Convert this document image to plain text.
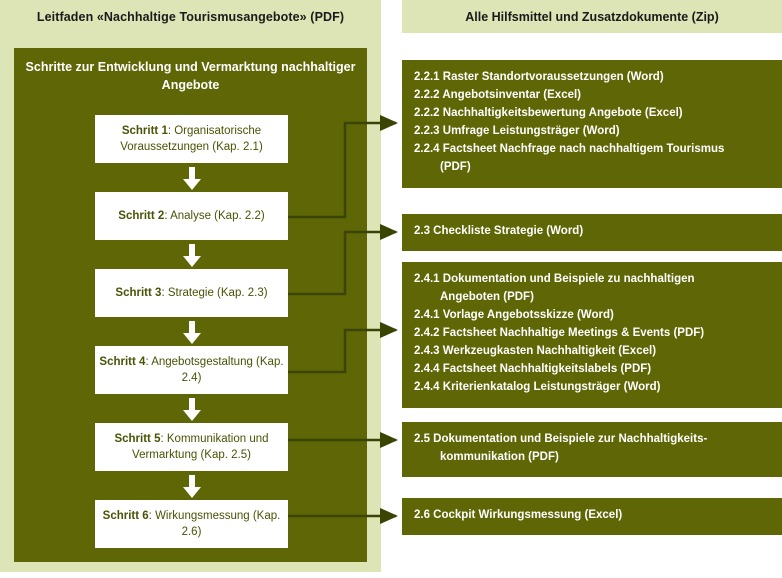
Leitfaden «Nachhaltige Tourismusangebote» (PDF)
Schritte zur Entwicklung und Vermarktung nachhaltiger Angebote
Schritt 1: Organisatorische Voraussetzungen (Kap. 2.1)
Schritt 2: Analyse (Kap. 2.2)
Schritt 3: Strategie (Kap. 2.3)
Schritt 4: Angebotsgestaltung (Kap. 2.4)
Schritt 5: Kommunikation und Vermarktung (Kap. 2.5)
Schritt 6: Wirkungsmessung (Kap. 2.6)
Alle Hilfsmittel und Zusatzdokumente (Zip)
2.2.1 Raster Standortvoraussetzungen (Word)
2.2.2 Angebotsinventar (Excel)
2.2.2 Nachhaltigkeitsbewertung Angebote (Excel)
2.2.3 Umfrage Leistungsträger (Word)
2.2.4 Factsheet Nachfrage nach nachhaltigem Tourismus
(PDF)
2.3 Checkliste Strategie (Word)
2.4.1 Dokumentation und Beispiele zu nachhaltigen
Angeboten (PDF)
2.4.1 Vorlage Angebotsskizze (Word)
2.4.2 Factsheet Nachhaltige Meetings & Events (PDF)
2.4.3 Werkzeugkasten Nachhaltigkeit (Excel)
2.4.4 Factsheet Nachhaltigkeitslabels (PDF)
2.4.4 Kriterienkatalog Leistungsträger (Word)
2.5 Dokumentation und Beispiele zur Nachhaltigkeits-
kommunikation (PDF)
2.6 Cockpit Wirkungsmessung (Excel)
